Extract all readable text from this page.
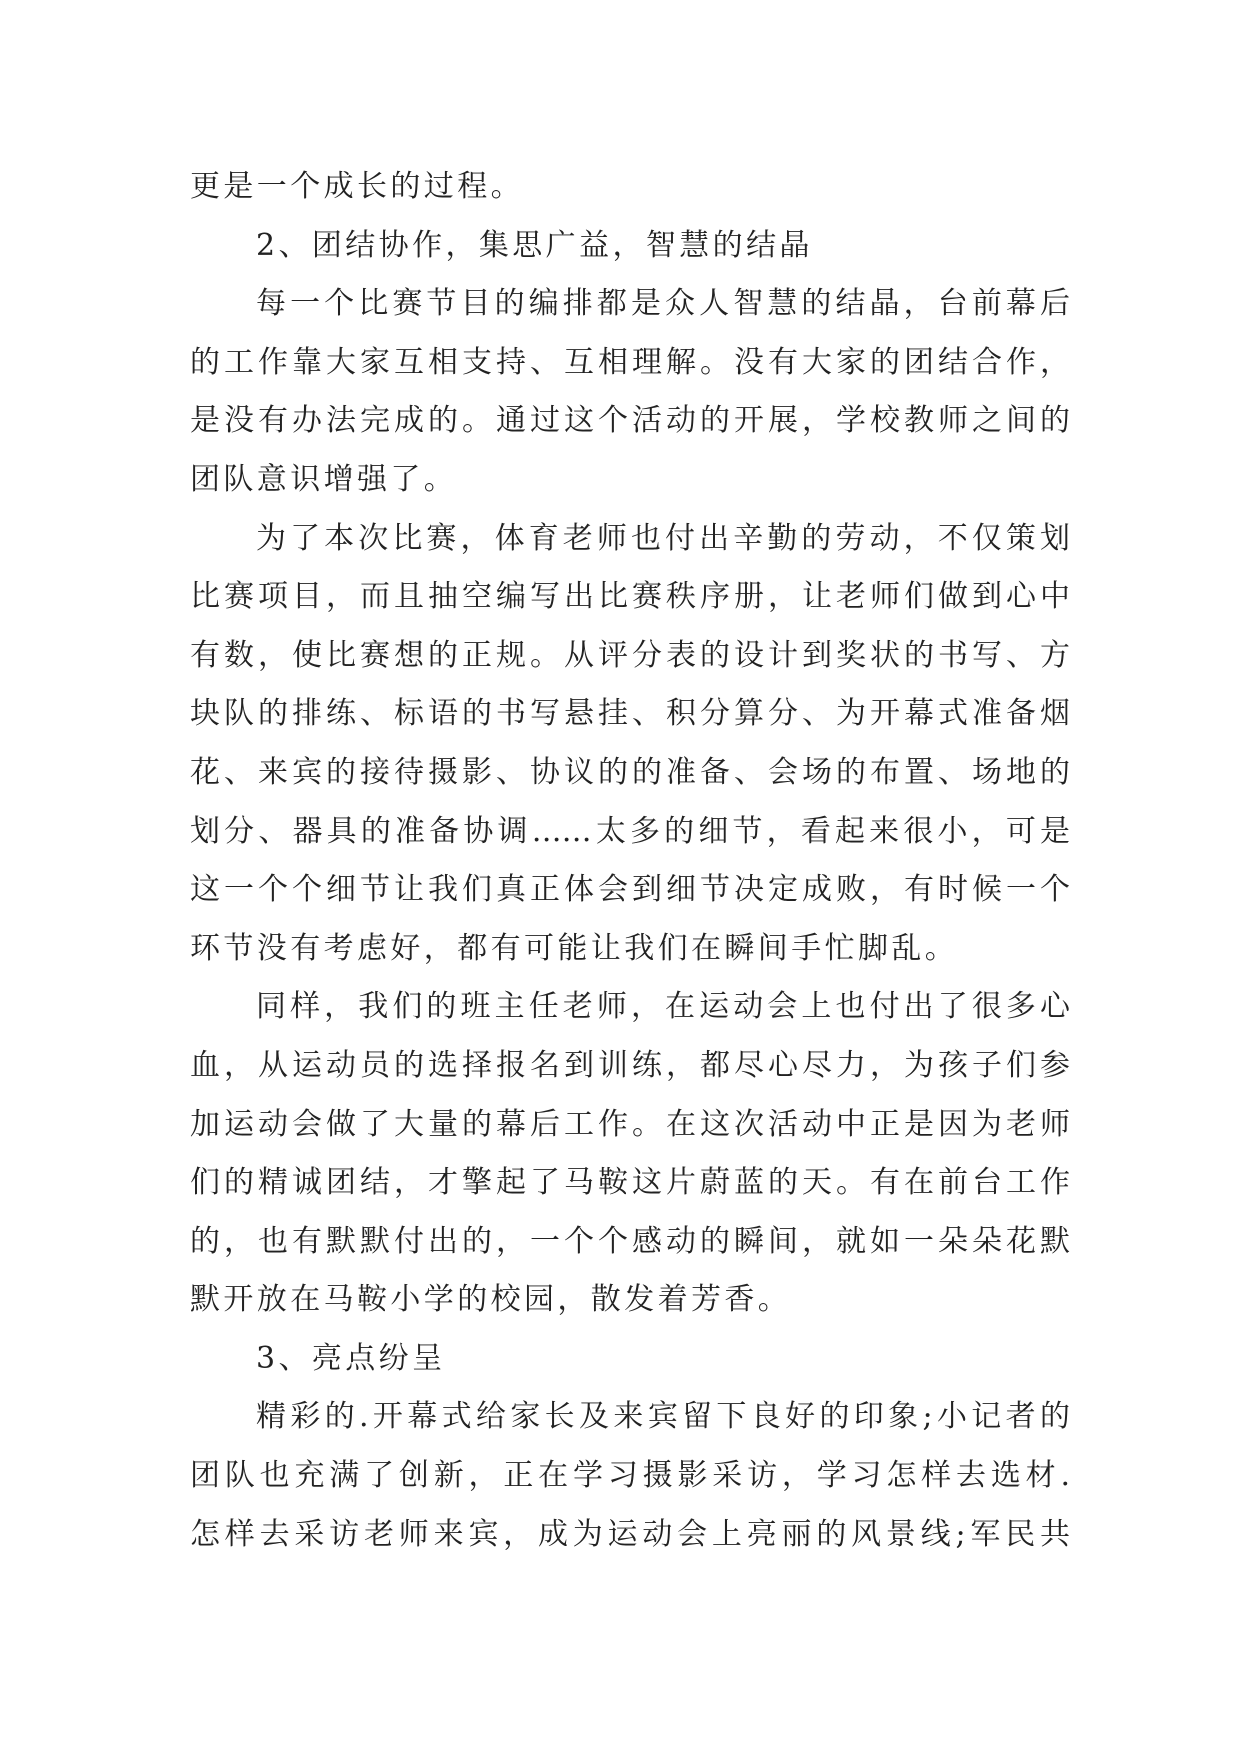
更是一个成长的过程。
2、团结协作，集思广益，智慧的结晶
每一个比赛节目的编排都是众人智慧的结晶，台前幕后
的工作靠大家互相支持、互相理解。没有大家的团结合作，
是没有办法完成的。通过这个活动的开展，学校教师之间的
团队意识增强了。
为了本次比赛，体育老师也付出辛勤的劳动，不仅策划
比赛项目，而且抽空编写出比赛秩序册，让老师们做到心中
有数，使比赛想的正规。从评分表的设计到奖状的书写、方
块队的排练、标语的书写悬挂、积分算分、为开幕式准备烟
花、来宾的接待摄影、协议的的准备、会场的布置、场地的
划分、器具的准备协调……太多的细节，看起来很小，可是
这一个个细节让我们真正体会到细节决定成败，有时候一个
环节没有考虑好，都有可能让我们在瞬间手忙脚乱。
同样，我们的班主任老师，在运动会上也付出了很多心
血，从运动员的选择报名到训练，都尽心尽力，为孩子们参
加运动会做了大量的幕后工作。在这次活动中正是因为老师
们的精诚团结，才擎起了马鞍这片蔚蓝的天。有在前台工作
的，也有默默付出的，一个个感动的瞬间，就如一朵朵花默
默开放在马鞍小学的校园，散发着芳香。
3、亮点纷呈
精彩的.开幕式给家长及来宾留下良好的印象;小记者的
团队也充满了创新，正在学习摄影采访，学习怎样去选材.
怎样去采访老师来宾，成为运动会上亮丽的风景线;军民共
